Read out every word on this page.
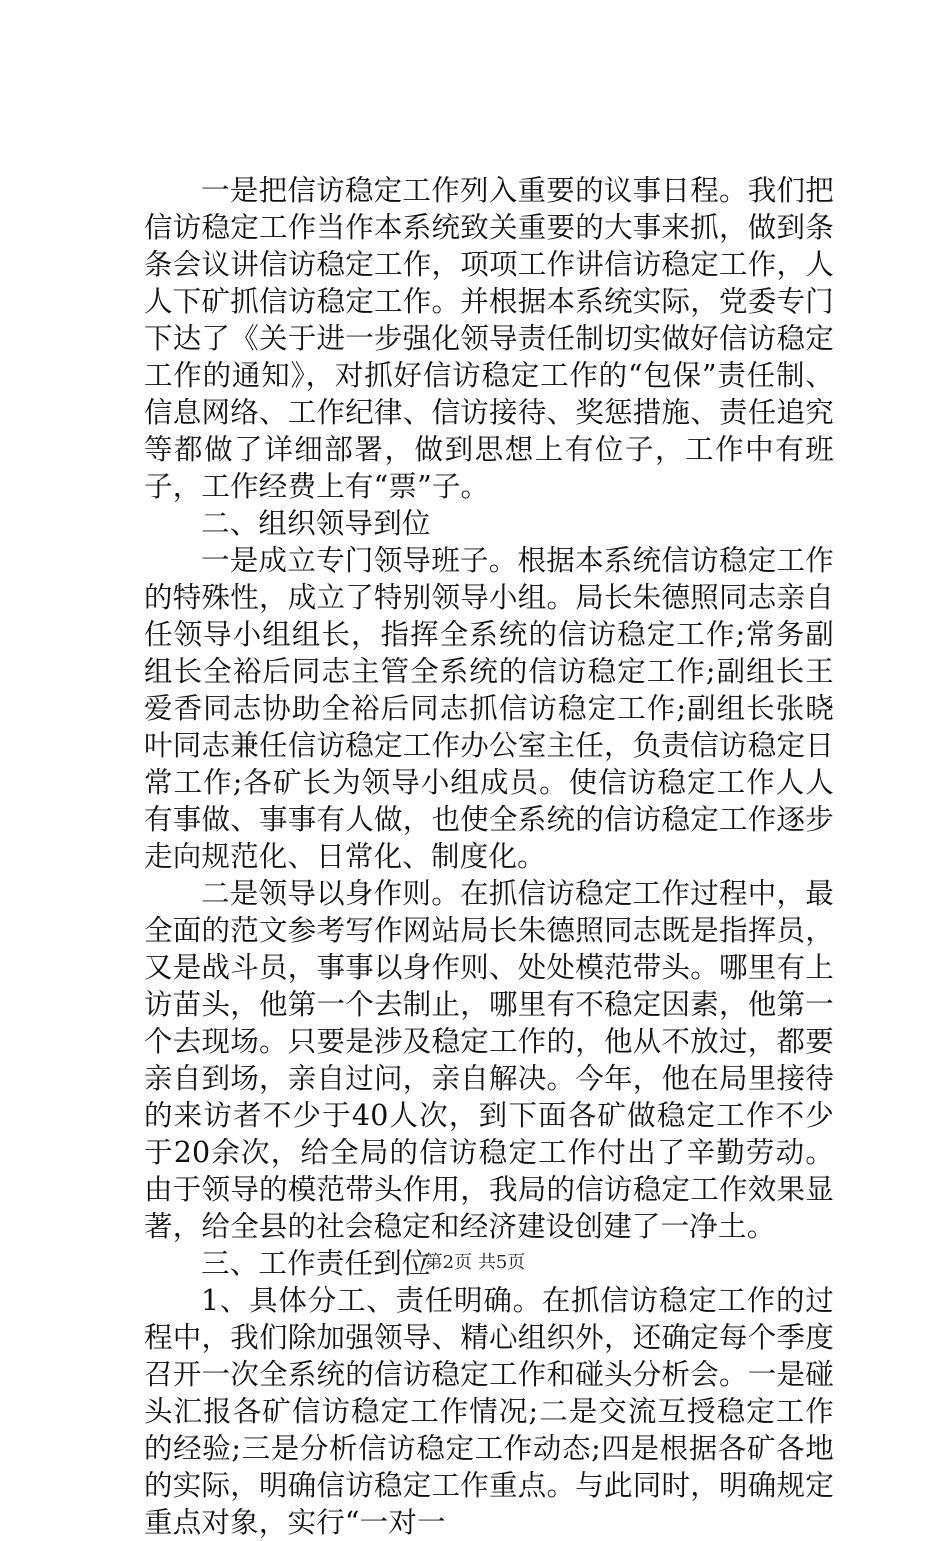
一是把信访稳定工作列入重要的议事日程。我们把信访稳定工作当作本系统致关重要的大事来抓，做到条条会议讲信访稳定工作，项项工作讲信访稳定工作，人人下矿抓信访稳定工作。并根据本系统实际，党委专门下达了《关于进一步强化领导责任制切实做好信访稳定工作的通知》，对抓好信访稳定工作的“包保”责任制、信息网络、工作纪律、信访接待、奖惩措施、责任追究等都做了详细部署，做到思想上有位子，工作中有班子，工作经费上有“票”子。

二、组织领导到位

一是成立专门领导班子。根据本系统信访稳定工作的特殊性，成立了特别领导小组。局长朱德照同志亲自任领导小组组长，指挥全系统的信访稳定工作;常务副组长全裕后同志主管全系统的信访稳定工作;副组长王爱香同志协助全裕后同志抓信访稳定工作;副组长张晓叶同志兼任信访稳定工作办公室主任，负责信访稳定日常工作;各矿长为领导小组成员。使信访稳定工作人人有事做、事事有人做，也使全系统的信访稳定工作逐步走向规范化、日常化、制度化。

二是领导以身作则。在抓信访稳定工作过程中，最全面的范文参考写作网站局长朱德照同志既是指挥员，又是战斗员，事事以身作则、处处模范带头。哪里有上访苗头，他第一个去制止，哪里有不稳定因素，他第一个去现场。只要是涉及稳定工作的，他从不放过，都要亲自到场，亲自过问，亲自解决。今年，他在局里接待的来访者不少于40人次，到下面各矿做稳定工作不少于20余次，给全局的信访稳定工作付出了辛勤劳动。由于领导的模范带头作用，我局的信访稳定工作效果显著，给全县的社会稳定和经济建设创建了一净土。

三、工作责任到位

1、具体分工、责任明确。在抓信访稳定工作的过程中，我们除加强领导、精心组织外，还确定每个季度召开一次全系统的信访稳定工作和碰头分析会。一是碰头汇报各矿信访稳定工作情况;二是交流互授稳定工作的经验;三是分析信访稳定工作动态;四是根据各矿各地的实际，明确信访稳定工作重点。与此同时，明确规定重点对象，实行“一对一

第2页 共5页
